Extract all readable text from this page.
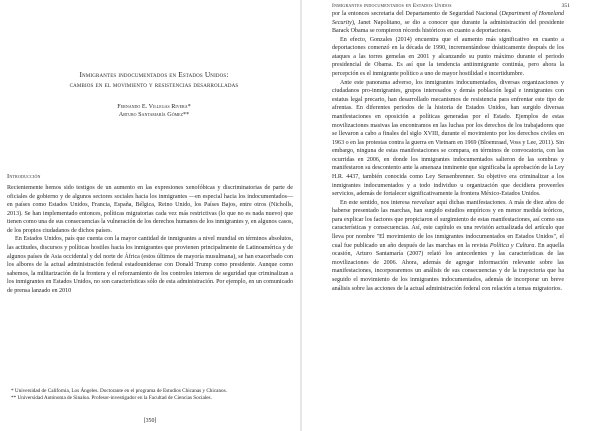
Inmigrantes indocumentados en Estados Unidos:
cambios en el movimiento y resistencias desarrolladas
Fernando E. Villegas Rivera*
Arturo Santamaría Gómez**
Introducción

Recientemente hemos sido testigos de un aumento en las expresiones xenofóbicas y discriminatorias de parte de oficiales de gobierno y de algunos sectores sociales hacia los inmigrantes —en especial hacia los indocumentados— en países como Estados Unidos, Francia, España, Bélgica, Reino Unido, los Países Bajos, entre otros (Nicholls, 2013). Se han implementado entonces, políticas migratorias cada vez más restrictivas (lo que no es nada nuevo) que tienen como una de sus consecuencias la vulneración de los derechos humanos de los inmigrantes y, en algunos casos, de los propios ciudadanos de dichos países.

En Estados Unidos, país que cuenta con la mayor cantidad de inmigrantes a nivel mundial en términos absolutos, las actitudes, discursos y políticas hostiles hacia los inmigrantes que provienen principalmente de Latinoamérica y de algunos países de Asia occidental y del norte de África (estos últimos de mayoría musulmana), se han exacerbado con los albores de la actual administración federal estadounidense con Donald Trump como presidente. Aunque como sabemos, la militarización de la frontera y el reforzamiento de los controles internos de seguridad que criminalizan a los inmigrantes en Estados Unidos, no son características sólo de esta administración. Por ejemplo, en un comunicado de prensa lanzado en 2010

* Universidad de California, Los Ángeles. Doctorante en el programa de Estudios Chicanas y Chicanos.

** Universidad Autónoma de Sinaloa. Profesor-investigador en la Facultad de Ciencias Sociales.

[350]
Inmigrantes indocumentados en Estados Unidos	351

por la entonces secretaria del Departamento de Seguridad Nacional (Department of Homeland Security), Janet Napolitano, se dio a conocer que durante la administración del presidente Barack Obama se rompieron récords históricos en cuanto a deportaciones.

En efecto, Gonzales (2014) encuentra que el aumento más significativo en cuanto a deportaciones comenzó en la década de 1990, incrementándose drásticamente después de los ataques a las torres gemelas en 2001 y alcanzando su punto máximo durante el periodo presidencial de Obama. Es así que la tendencia antiinmigrante continúa, pero ahora la percepción es el inmigrante político a uno de mayor hostilidad e incertidumbre.

Ante este panorama adverso, los inmigrantes indocumentados, diversas organizaciones y ciudadanos pro-inmigrantes, grupos interesados y demás población legal e inmigrantes con estatus legal precario, han desarrollado mecanismos de resistencia para enfrentar este tipo de afrentas. En diferentes periodos de la historia de Estados Unidos, han surgido diversas manifestaciones en oposición a políticas generadas por el Estado. Ejemplos de estas movilizaciones masivas las encontramos en las luchas por los derechos de los trabajadores que se llevaron a cabo a finales del siglo XVIII, durante el movimiento por los derechos civiles en 1963 o en las protestas contra la guerra en Vietnam en 1969 (Bloemraad, Voss y Lee, 2011). Sin embargo, ninguna de estas manifestaciones se compara, en términos de convocatoria, con las ocurridas en 2006, en donde los inmigrantes indocumentados salieron de las sombras y manifestaron su descontento ante la amenaza inminente que significaba la aprobación de la Ley H.R. 4437, también conocida como Ley Sensenbrenner. Su objetivo era criminalizar a los inmigrantes indocumentados y a todo individuo u organización que decidiera proveerles servicios, además de fortalecer significativamente la frontera México-Estados Unidos.

En este sentido, nos interesa reevaluar aquí dichas manifestaciones. A más de diez años de haberse presentado las marchas, han surgido estudios empíricos y en menor medida teóricos, para explicar los factores que propiciaron el surgimiento de estas manifestaciones, así como sus características y consecuencias. Así, este capítulo es una revisión actualizada del artículo que lleva por nombre "El movimiento de los inmigrantes indocumentados en Estados Unidos", el cual fue publicado un año después de las marchas en la revista Política y Cultura. En aquella ocasión, Arturo Santamaría (2007) relató los antecedentes y las características de las movilizaciones de 2006. Ahora, además de agregar información relevante sobre las manifestaciones, incorporaremos un análisis de sus consecuencias y de la trayectoria que ha seguido el movimiento de los inmigrantes indocumentados, además de incorporar un breve análisis sobre las acciones de la actual administración federal con relación a temas migratorios.
